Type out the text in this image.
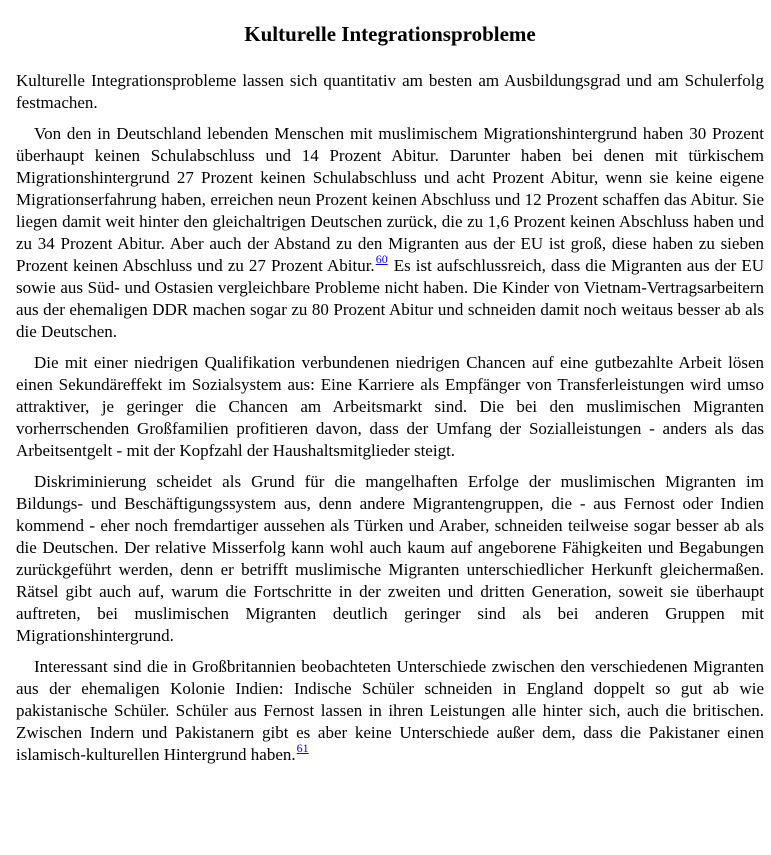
Kulturelle Integrationsprobleme

Kulturelle Integrationsprobleme lassen sich quantitativ am besten am Ausbildungsgrad und am Schulerfolg festmachen.

Von den in Deutschland lebenden Menschen mit muslimischem Migrationshintergrund haben 30 Prozent überhaupt keinen Schulabschluss und 14 Prozent Abitur. Darunter haben bei denen mit türkischem Migrationshintergrund 27 Prozent keinen Schulabschluss und acht Prozent Abitur, wenn sie keine eigene Migrationserfahrung haben, erreichen neun Prozent keinen Abschluss und 12 Prozent schaffen das Abitur. Sie liegen damit weit hinter den gleichaltrigen Deutschen zurück, die zu 1,6 Prozent keinen Abschluss haben und zu 34 Prozent Abitur. Aber auch der Abstand zu den Migranten aus der EU ist groß, diese haben zu sieben Prozent keinen Abschluss und zu 27 Prozent Abitur.$^{60}$ Es ist aufschlussreich, dass die Migranten aus der EU sowie aus Süd- und Ostasien vergleichbare Probleme nicht haben. Die Kinder von Vietnam-Vertragsarbeitern aus der ehemaligen DDR machen sogar zu 80 Prozent Abitur und schneiden damit noch weitaus besser ab als die Deutschen.

Die mit einer niedrigen Qualifikation verbundenen niedrigen Chancen auf eine gutbezahlte Arbeit lösen einen Sekundäreffekt im Sozialsystem aus: Eine Karriere als Empfänger von Transferleistungen wird umso attraktiver, je geringer die Chancen am Arbeitsmarkt sind. Die bei den muslimischen Migranten vorherrschenden Großfamilien profitieren davon, dass der Umfang der Sozialleistungen - anders als das Arbeitsentgelt - mit der Kopfzahl der Haushaltsmitglieder steigt.

Diskriminierung scheidet als Grund für die mangelhaften Erfolge der muslimischen Migranten im Bildungs- und Beschäftigungssystem aus, denn andere Migrantengruppen, die - aus Fernost oder Indien kommend - eher noch fremdartiger aussehen als Türken und Araber, schneiden teilweise sogar besser ab als die Deutschen. Der relative Misserfolg kann wohl auch kaum auf angeborene Fähigkeiten und Begabungen zurückgeführt werden, denn er betrifft muslimische Migranten unterschiedlicher Herkunft gleichermaßen. Rätsel gibt auch auf, warum die Fortschritte in der zweiten und dritten Generation, soweit sie überhaupt auftreten, bei muslimischen Migranten deutlich geringer sind als bei anderen Gruppen mit Migrationshintergrund.

Interessant sind die in Großbritannien beobachteten Unterschiede zwischen den verschiedenen Migranten aus der ehemaligen Kolonie Indien: Indische Schüler schneiden in England doppelt so gut ab wie pakistanische Schüler. Schüler aus Fernost lassen in ihren Leistungen alle hinter sich, auch die britischen. Zwischen Indern und Pakistanern gibt es aber keine Unterschiede außer dem, dass die Pakistaner einen islamisch-kulturellen Hintergrund haben.$^{61}$
